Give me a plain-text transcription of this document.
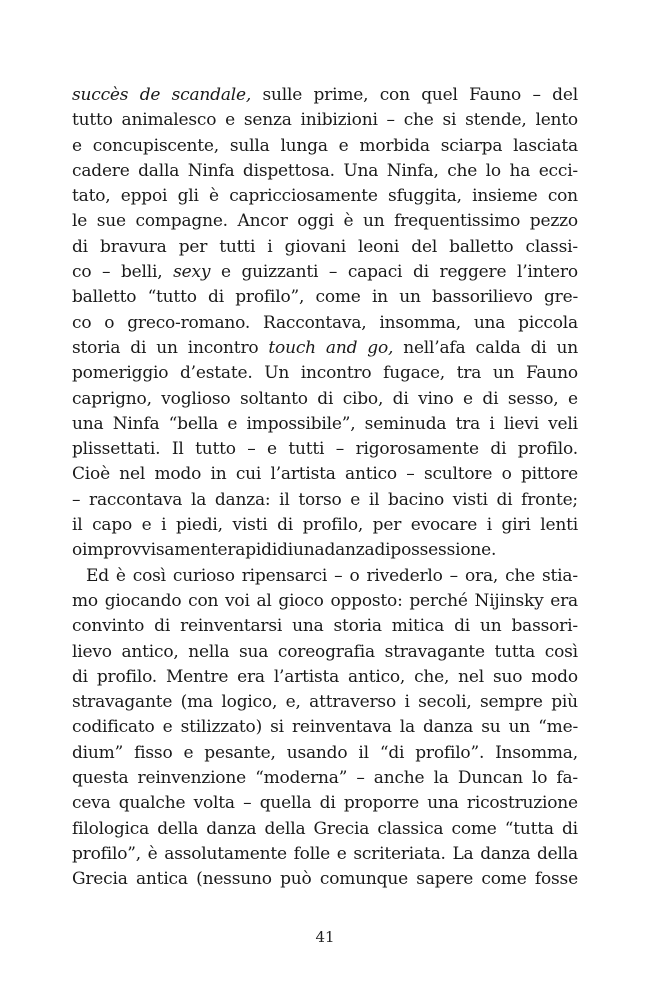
succès de scandale, sulle prime, con quel Fauno – del
tutto animalesco e senza inibizioni – che si stende, lento
e concupiscente, sulla lunga e morbida sciarpa lasciata
cadere dalla Ninfa dispettosa. Una Ninfa, che lo ha ecci-
tato, eppoi gli è capricciosamente sfuggita, insieme con
le sue compagne. Ancor oggi è un frequentissimo pezzo
di bravura per tutti i giovani leoni del balletto classi-
co – belli, sexy e guizzanti – capaci di reggere l’intero
balletto “tutto di profilo”, come in un bassorilievo gre-
co o greco-romano. Raccontava, insomma, una piccola
storia di un incontro touch and go, nell’afa calda di un
pomeriggio d’estate. Un incontro fugace, tra un Fauno
caprigno, voglioso soltanto di cibo, di vino e di sesso, e
una Ninfa “bella e impossibile”, seminuda tra i lievi veli
plissettati. Il tutto – e tutti – rigorosamente di profilo.
Cioè nel modo in cui l’artista antico – scultore o pittore
– raccontava la danza: il torso e il bacino visti di fronte;
il capo e i piedi, visti di profilo, per evocare i giri lenti
o improvvisamente rapidi di una danza di possessione.
Ed è così curioso ripensarci – o rivederlo – ora, che stia-
mo giocando con voi al gioco opposto: perché Nijinsky era
convinto di reinventarsi una storia mitica di un bassori-
lievo antico, nella sua coreografia stravagante tutta così
di profilo. Mentre era l’artista antico, che, nel suo modo
stravagante (ma logico, e, attraverso i secoli, sempre più
codificato e stilizzato) si reinventava la danza su un “me-
dium” fisso e pesante, usando il “di profilo”. Insomma,
questa reinvenzione “moderna” – anche la Duncan lo fa-
ceva qualche volta – quella di proporre una ricostruzione
filologica della danza della Grecia classica come “tutta di
profilo”, è assolutamente folle e scriteriata. La danza della
Grecia antica (nessuno può comunque sapere come fosse
41
